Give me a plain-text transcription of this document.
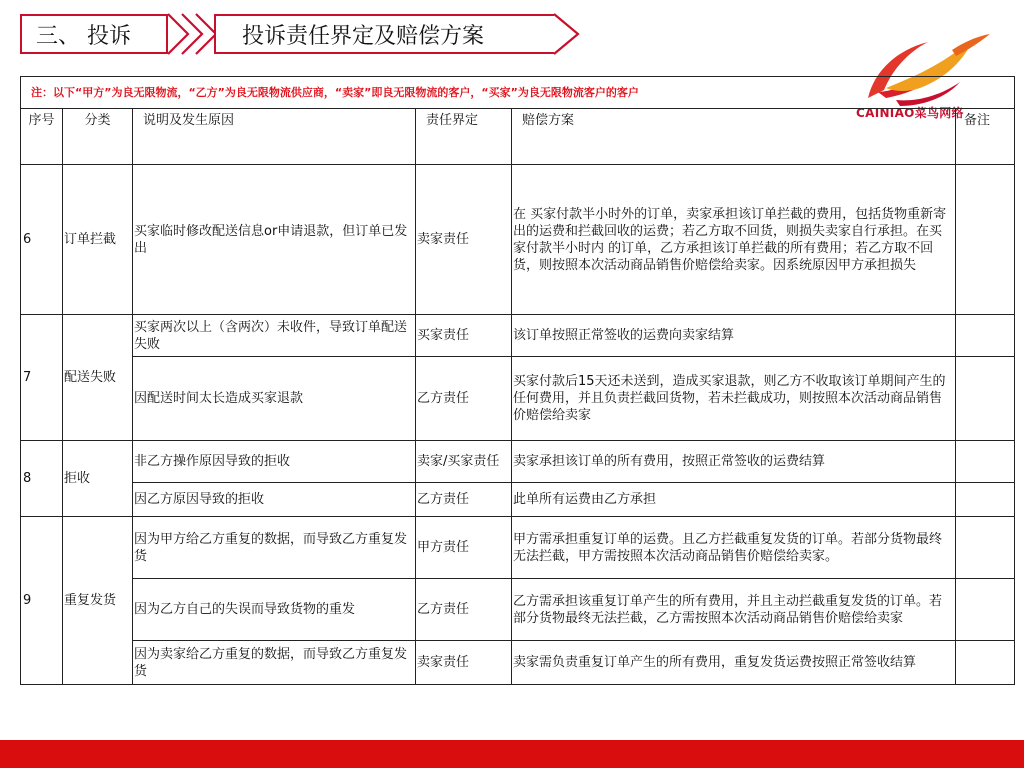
三、 投诉	投诉责任界定及赔偿方案
CAINIAO菜鸟网络
注：以下“甲方”为良无限物流，“乙方”为良无限物流供应商，“卖家”即良无限物流的客户，“买家”为良无限物流客户的客户					
序号	分类	说明及发生原因	责任界定	赔偿方案	备注
6	订单拦截	买家临时修改配送信息or申请退款，但订单已发出	卖家责任	在 买家付款半小时外的订单，卖家承担该订单拦截的费用，包括货物重新寄出的运费和拦截回收的运费；若乙方取不回货，则损失卖家自行承担。在买家付款半小时内 的订单，乙方承担该订单拦截的所有费用；若乙方取不回货，则按照本次活动商品销售价赔偿给卖家。因系统原因甲方承担损失	
7	配送失败	买家两次以上（含两次）未收件，导致订单配送失败	买家责任	该订单按照正常签收的运费向卖家结算	
		因配送时间太长造成买家退款	乙方责任	买家付款后15天还未送到，造成买家退款，则乙方不收取该订单期间产生的任何费用，并且负责拦截回货物，若未拦截成功，则按照本次活动商品销售价赔偿给卖家	
8	拒收	非乙方操作原因导致的拒收	卖家/买家责任	卖家承担该订单的所有费用，按照正常签收的运费结算	
		因乙方原因导致的拒收	乙方责任	此单所有运费由乙方承担	
9	重复发货	因为甲方给乙方重复的数据，而导致乙方重复发货	甲方责任	甲方需承担重复订单的运费。且乙方拦截重复发货的订单。若部分货物最终无法拦截，甲方需按照本次活动商品销售价赔偿给卖家。	
		因为乙方自己的失误而导致货物的重发	乙方责任	乙方需承担该重复订单产生的所有费用，并且主动拦截重复发货的订单。若部分货物最终无法拦截，乙方需按照本次活动商品销售价赔偿给卖家	
		因为卖家给乙方重复的数据，而导致乙方重复发货	卖家责任	卖家需负责重复订单产生的所有费用，重复发货运费按照正常签收结算	
